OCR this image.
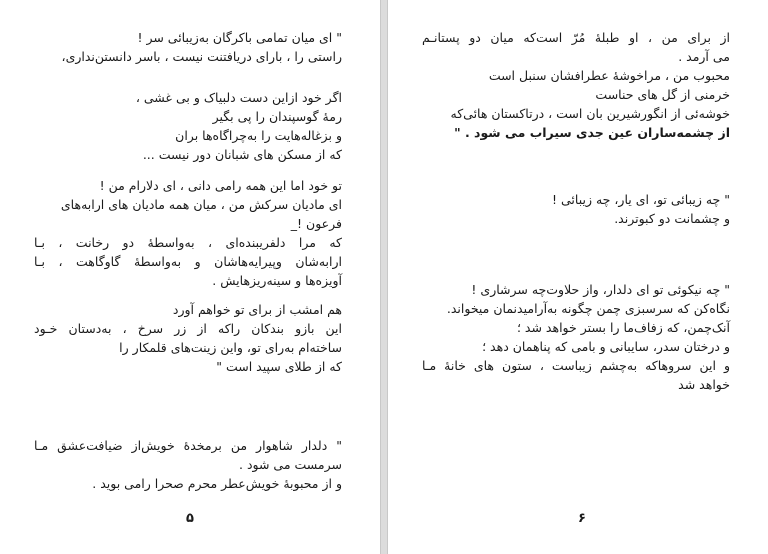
" ای میان تمامی باکرگان به‌زیبائی سر !
راستی را ، بارای دریافتنت نیست ، باسر دانستن‌نداری،
اگر خود ازاین دست دلبیاک و بی غشی ،
رمه‌ٔ گوسپندان را پی بگیر
و بزغاله‌هایت را به‌چراگاه‌ها بران
که از مسکن های شبانان دور نیست ...
تو خود اما این همه رامی دانی ، ای دلارام من !
ای مادیان سرکش من ، میان همه مادیان های ارابه‌های
فرعون !_
که مرا دلفریبنده‌ای ، به‌واسطه‌ٔ دو رخانت ، بـا
ارابه‌شان وپیرایه‌هاشان و به‌واسطه‌ٔ گاوگاهت ، بـا
آویزه‌ها و سینه‌ریزهایش .
هم امشب از برای تو خواهم آورد
این بازو بندکان راکه از زر سرخ ، به‌دستان خـود
ساخته‌ام به‌رای تو، واین زینت‌های قلمکار را
که از طلای سپید است "
" دلدار شاهوار من برمخده‌ٔ خویش‌از ضیافت‌عشق مـا
سرمست می شود .
و از محبوبه‌ٔ خویش‌عطر محرم صحرا رامی بوید .
۵
از برای من ، او طبله‌ٔ مُرّ است‌که میان دو پستانـم
می آرمد .
محبوب من ، مراخوشه‌ٔ عطرافشان سنبل است
خرمنی از گل های حناست
خوشه‌ئی از انگورشیرین بان است ، درتاکستان هائی‌که
از چشمه‌ساران عین جدی سیراب می شود . "
" چه زیبائی تو، ای یار، چه زیبائی !
و چشمانت دو کبوترند.
" چه نیکوئی تو ای دلدار، واز حلاوت‌چه سرشاری !
نگاه‌کن که سرسبزی چمن چگونه به‌آرامیدنمان میخواند.
آنک‌چمن، که زفاف‌ما را بستر خواهد شد ؛
و درختان سدر، سایبانی و بامی که پناهمان دهد ؛
و این سروهاکه به‌چشم زیباست ، ستون های خانه‌ٔ مـا
خواهد شد
۶
